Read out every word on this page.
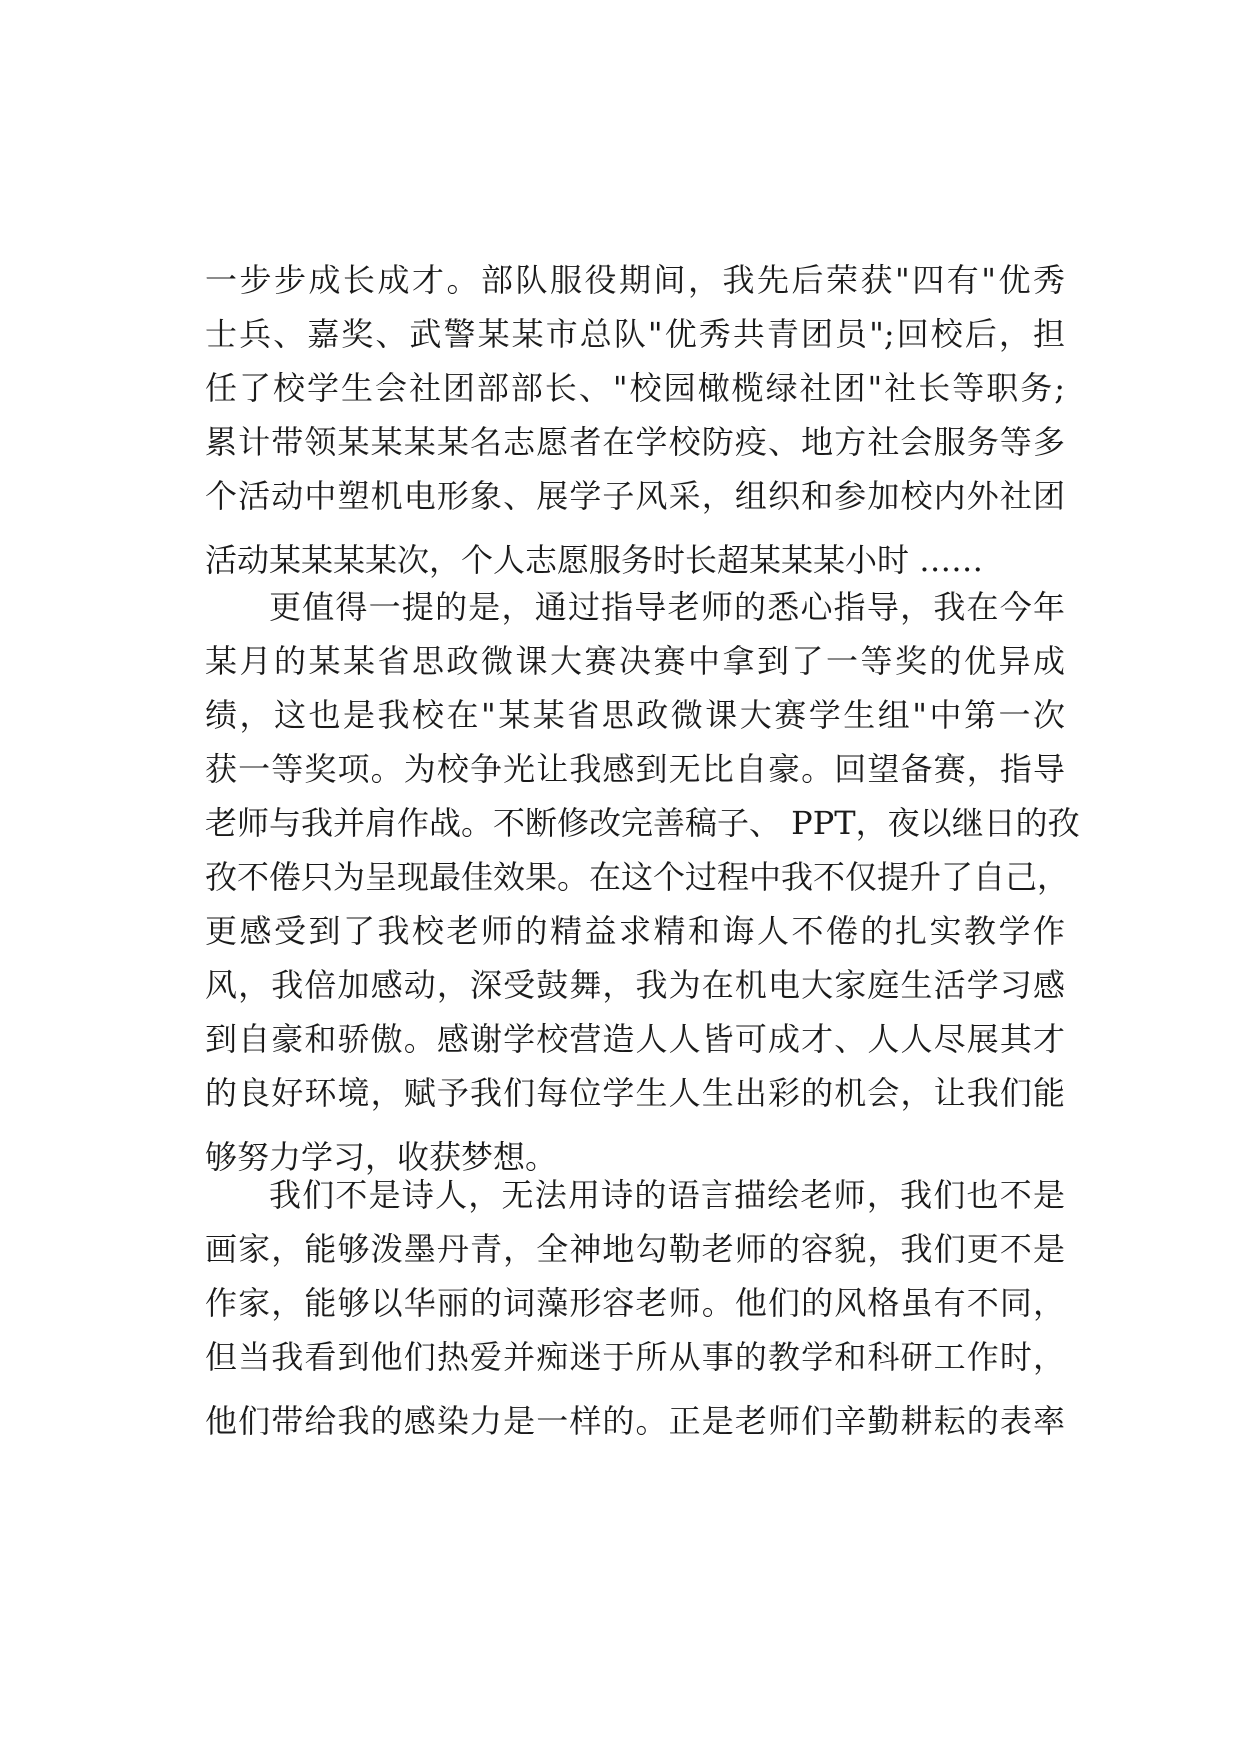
一步步成长成才。部队服役期间，我先后荣获"四有"优秀
士兵、嘉奖、武警某某市总队"优秀共青团员";回校后，担
任了校学生会社团部部长、"校园橄榄绿社团"社长等职务;
累计带领某某某某名志愿者在学校防疫、地方社会服务等多
个活动中塑机电形象、展学子风采，组织和参加校内外社团
活动某某某某次，个人志愿服务时长超某某某小时 ……
更值得一提的是，通过指导老师的悉心指导，我在今年
某月的某某省思政微课大赛决赛中拿到了一等奖的优异成
绩，这也是我校在"某某省思政微课大赛学生组"中第一次
获一等奖项。为校争光让我感到无比自豪。回望备赛，指导
老师与我并肩作战。不断修改完善稿子、 PPT，夜以继日的孜
孜不倦只为呈现最佳效果。在这个过程中我不仅提升了自己，
更感受到了我校老师的精益求精和诲人不倦的扎实教学作
风，我倍加感动，深受鼓舞，我为在机电大家庭生活学习感
到自豪和骄傲。感谢学校营造人人皆可成才、人人尽展其才
的良好环境，赋予我们每位学生人生出彩的机会，让我们能
够努力学习，收获梦想。
我们不是诗人，无法用诗的语言描绘老师，我们也不是
画家，能够泼墨丹青，全神地勾勒老师的容貌，我们更不是
作家，能够以华丽的词藻形容老师。他们的风格虽有不同，
但当我看到他们热爱并痴迷于所从事的教学和科研工作时，
他们带给我的感染力是一样的。正是老师们辛勤耕耘的表率
